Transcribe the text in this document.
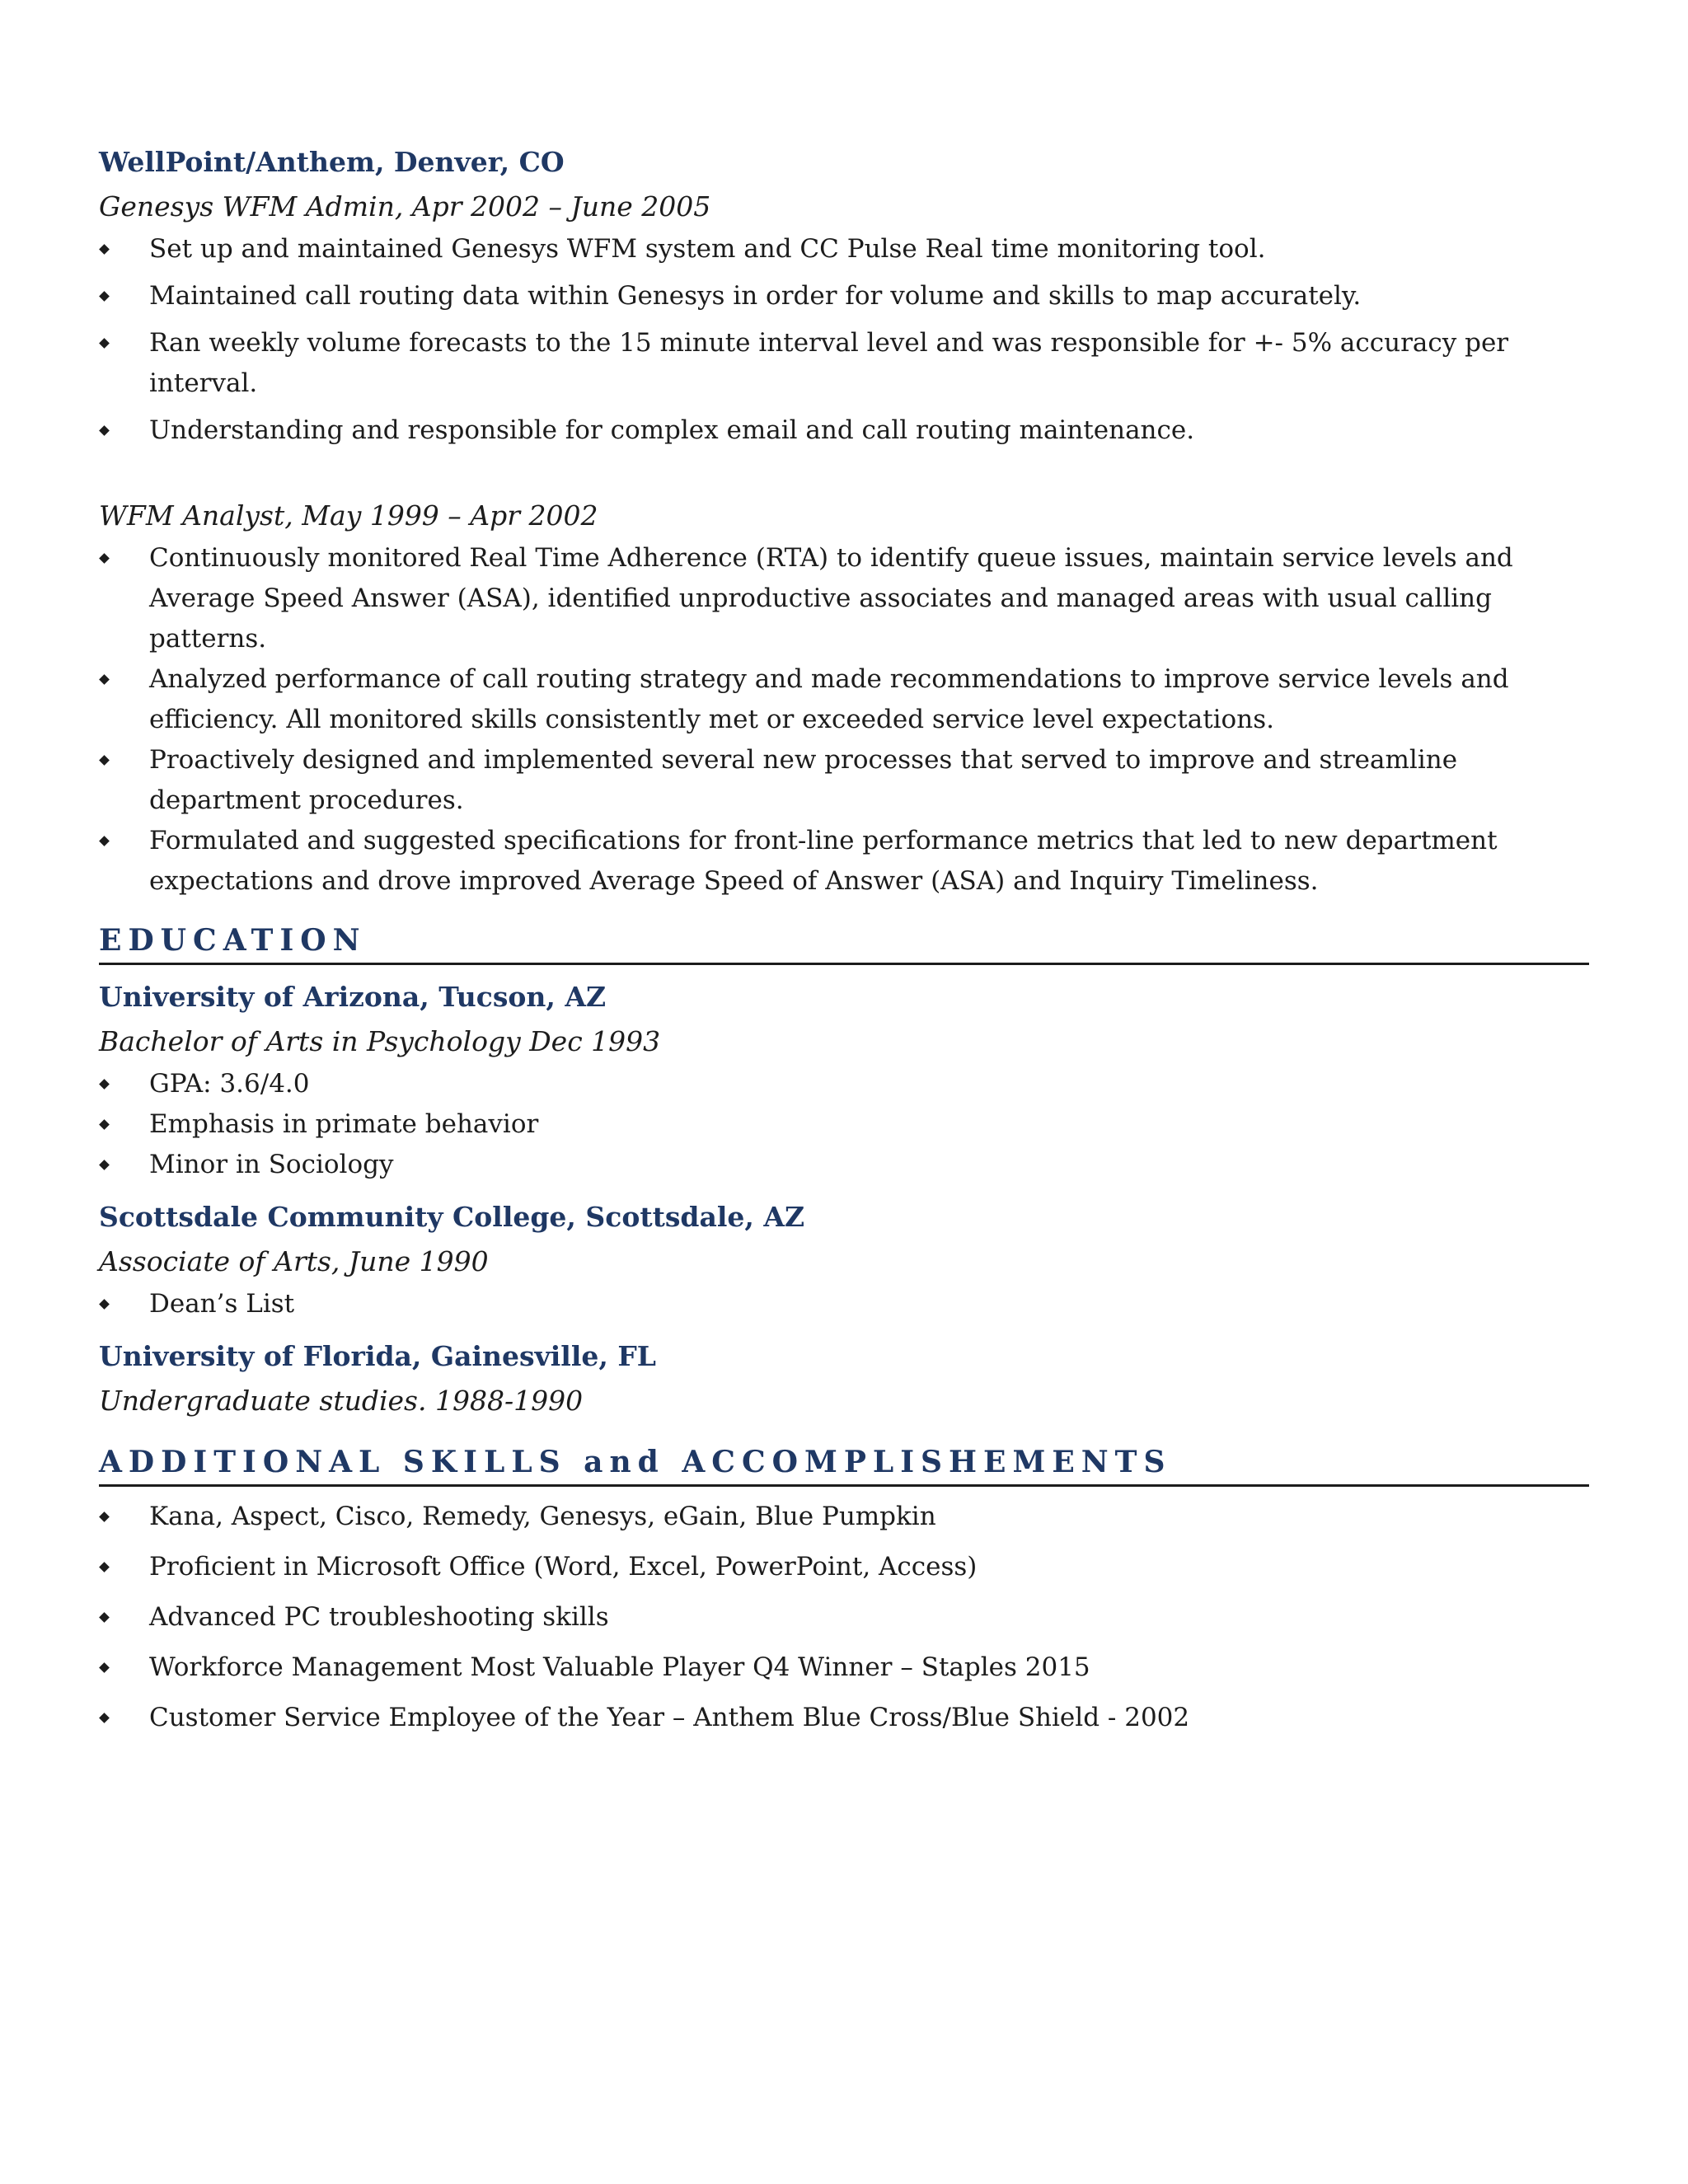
WellPoint/Anthem, Denver, CO

Genesys WFM Admin, Apr 2002 – June 2005

Set up and maintained Genesys WFM system and CC Pulse Real time monitoring tool.
Maintained call routing data within Genesys in order for volume and skills to map accurately.
Ran weekly volume forecasts to the 15 minute interval level and was responsible for +- 5% accuracy per interval.
Understanding and responsible for complex email and call routing maintenance.

WFM Analyst, May 1999 – Apr 2002

Continuously monitored Real Time Adherence (RTA) to identify queue issues, maintain service levels and Average Speed Answer (ASA), identified unproductive associates and managed areas with usual calling patterns.
Analyzed performance of call routing strategy and made recommendations to improve service levels and efficiency. All monitored skills consistently met or exceeded service level expectations.
Proactively designed and implemented several new processes that served to improve and streamline department procedures.
Formulated and suggested specifications for front-line performance metrics that led to new department expectations and drove improved Average Speed of Answer (ASA) and Inquiry Timeliness.
EDUCATION

University of Arizona, Tucson, AZ

Bachelor of Arts in Psychology Dec 1993

GPA: 3.6/4.0
Emphasis in primate behavior
Minor in Sociology

Scottsdale Community College, Scottsdale, AZ

Associate of Arts, June 1990

Dean’s List

University of Florida, Gainesville, FL

Undergraduate studies. 1988-1990

ADDITIONAL SKILLS and ACCOMPLISHEMENTS
Kana, Aspect, Cisco, Remedy, Genesys, eGain, Blue Pumpkin
Proficient in Microsoft Office (Word, Excel, PowerPoint, Access)
Advanced PC troubleshooting skills
Workforce Management Most Valuable Player Q4 Winner – Staples 2015
Customer Service Employee of the Year – Anthem Blue Cross/Blue Shield - 2002
